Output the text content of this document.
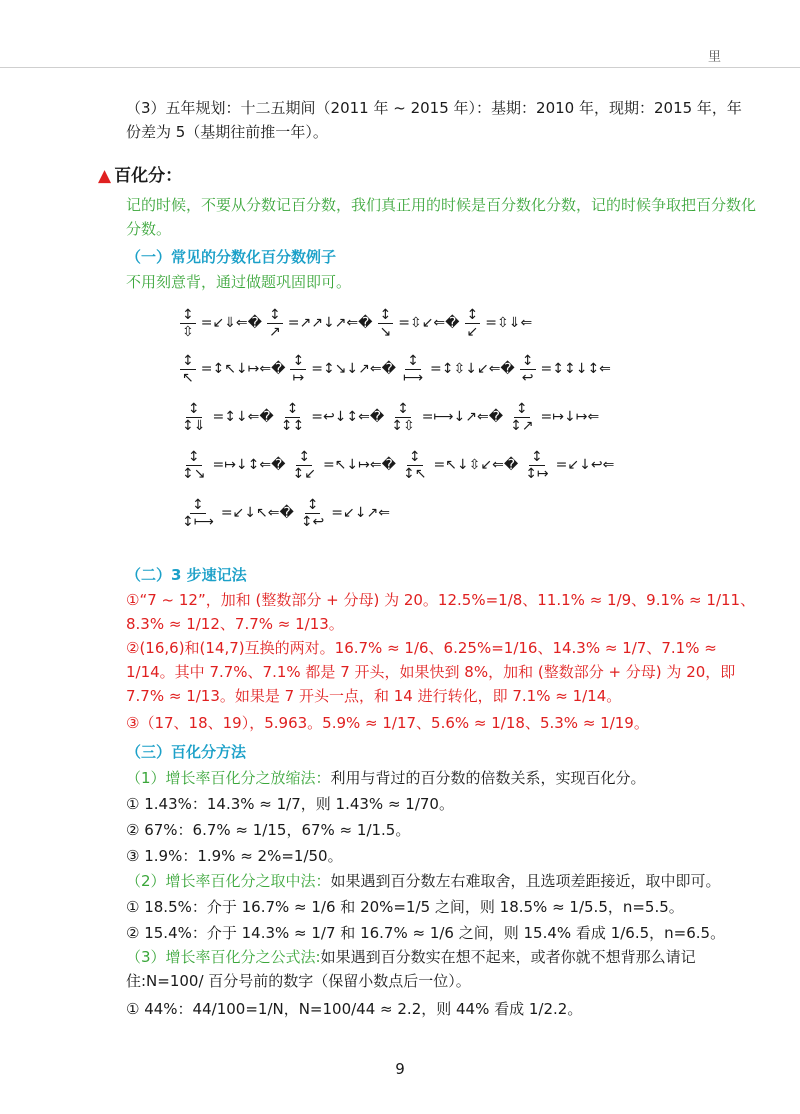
里
（3）五年规划：十二五期间（2011 年 ~ 2015 年）：基期：2010 年，现期：2015 年，年份差为 5（基期往前推一年）。
▲ 百化分：
记的时候，不要从分数记百分数，我们真正用的时候是百分数化分数，记的时候争取把百分数化分数。
（一）常见的分数化百分数例子
不用刻意背，通过做题巩固即可。
$\frac{↕}{⇳}$ =↙⇓⇐� $\frac{↕}{↗}$ =↗↗↓↗⇐� $\frac{↕}{↘}$ =⇳↙⇐� $\frac{↕}{↙}$ =⇳⇓⇐
$\frac{↕}{↖}$ =↕↖↓↦⇐� $\frac{↕}{↦}$ =↕↘↓↗⇐� $\frac{↕}{⟼}$ =↕⇳↓↙⇐� $\frac{↕}{↩}$ =↕↕↓↕⇐
$\frac{↕}{↕⇓}$ =↕↓⇐� $\frac{↕}{↕↕}$ =↩↓↕⇐� $\frac{↕}{↕⇳}$ =⟼↓↗⇐� $\frac{↕}{↕↗}$ =↦↓↦⇐
$\frac{↕}{↕↘}$ =↦↓↕⇐� $\frac{↕}{↕↙}$ =↖↓↦⇐� $\frac{↕}{↕↖}$ =↖↓⇳↙⇐� $\frac{↕}{↕↦}$ =↙↓↩⇐
$\frac{↕}{↕⟼}$ =↙↓↖⇐� $\frac{↕}{↕↩}$ =↙↓↗⇐
（二）3 步速记法
①“7 ~ 12”，加和 (整数部分 + 分母) 为 20。12.5%=1/8、11.1% ≈ 1/9、9.1% ≈ 1/11、8.3% ≈ 1/12、7.7% ≈ 1/13。
②(16,6)和(14,7)互换的两对。16.7% ≈ 1/6、6.25%=1/16、14.3% ≈ 1/7、7.1% ≈ 1/14。其中 7.7%、7.1% 都是 7 开头，如果快到 8%，加和 (整数部分 + 分母) 为 20，即 7.7% ≈ 1/13。如果是 7 开头一点，和 14 进行转化，即 7.1% ≈ 1/14。
③（17、18、19），5.963。5.9% ≈ 1/17、5.6% ≈ 1/18、5.3% ≈ 1/19。
（三）百化分方法
（1）增长率百化分之放缩法：利用与背过的百分数的倍数关系，实现百化分。
① 1.43%：14.3% ≈ 1/7，则 1.43% ≈ 1/70。
② 67%：6.7% ≈ 1/15，67% ≈ 1/1.5。
③ 1.9%：1.9% ≈ 2%=1/50。
（2）增长率百化分之取中法：如果遇到百分数左右难取舍，且选项差距接近，取中即可。
① 18.5%：介于 16.7% ≈ 1/6 和 20%=1/5 之间，则 18.5% ≈ 1/5.5，n=5.5。
② 15.4%：介于 14.3% ≈ 1/7 和 16.7% ≈ 1/6 之间，则 15.4% 看成 1/6.5，n=6.5。
（3）增长率百化分之公式法:如果遇到百分数实在想不起来，或者你就不想背那么请记住:N=100/ 百分号前的数字（保留小数点后一位）。
① 44%：44/100=1/N，N=100/44 ≈ 2.2，则 44% 看成 1/2.2。
9
